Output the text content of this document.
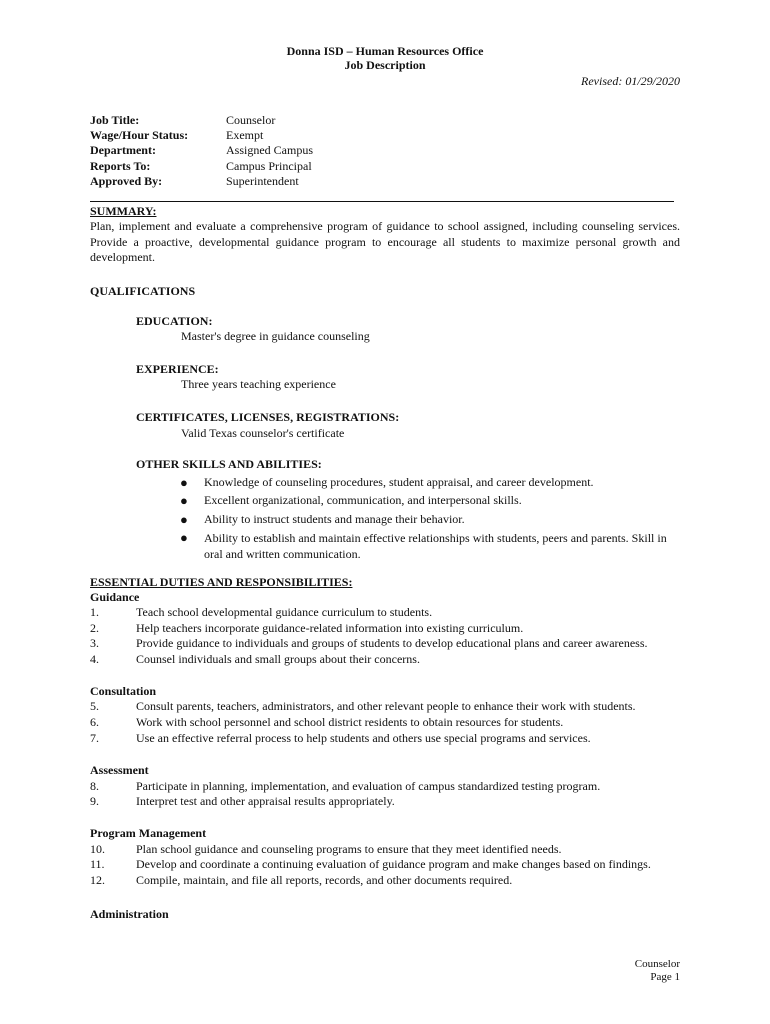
Donna ISD – Human Resources Office
Job Description
Revised: 01/29/2020
Job Title:	Counselor
Wage/Hour Status:	Exempt
Department:	Assigned Campus
Reports To:	Campus Principal
Approved By:	Superintendent
SUMMARY:
Plan, implement and evaluate a comprehensive program of guidance to school assigned, including counseling services. Provide a proactive, developmental guidance program to encourage all students to maximize personal growth and development.
QUALIFICATIONS
EDUCATION:
Master's degree in guidance counseling
EXPERIENCE:
Three years teaching experience
CERTIFICATES, LICENSES, REGISTRATIONS:
Valid Texas counselor's certificate
OTHER SKILLS AND ABILITIES:
●	Knowledge of counseling procedures, student appraisal, and career development.
●	Excellent organizational, communication, and interpersonal skills.
●	Ability to instruct students and manage their behavior.
●	Ability to establish and maintain effective relationships with students, peers and parents. Skill in oral and written communication.
ESSENTIAL DUTIES AND RESPONSIBILITIES:
Guidance
1.	Teach school developmental guidance curriculum to students.
2.	Help teachers incorporate guidance-related information into existing curriculum.
3.	Provide guidance to individuals and groups of students to develop educational plans and career awareness.
4.	Counsel individuals and small groups about their concerns.
Consultation
5.	Consult parents, teachers, administrators, and other relevant people to enhance their work with students.
6.	Work with school personnel and school district residents to obtain resources for students.
7.	Use an effective referral process to help students and others use special programs and services.
Assessment
8.	Participate in planning, implementation, and evaluation of campus standardized testing program.
9.	Interpret test and other appraisal results appropriately.
Program Management
10.	Plan school guidance and counseling programs to ensure that they meet identified needs.
11.	Develop and coordinate a continuing evaluation of guidance program and make changes based on findings.
12.	Compile, maintain, and file all reports, records, and other documents required.
Administration
Counselor
Page 1
